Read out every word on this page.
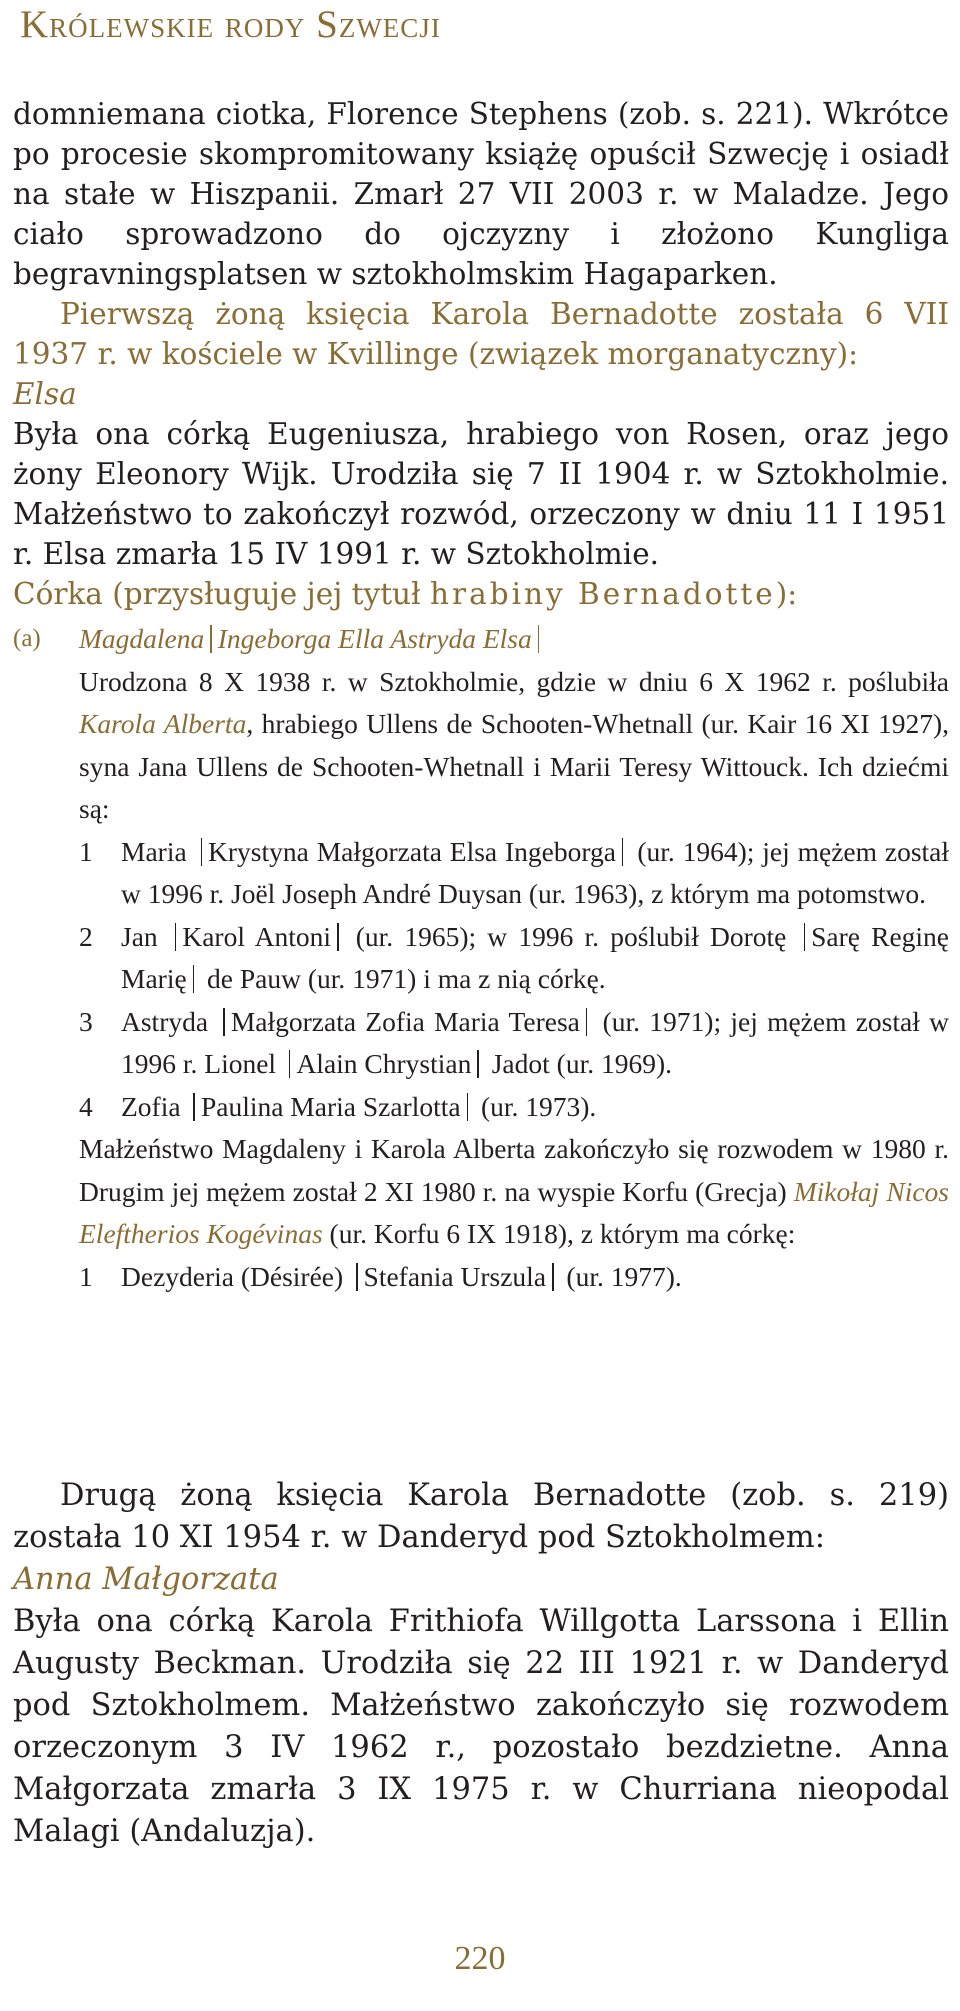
Królewskie rody Szwecji

domniemana ciotka, Florence Stephens (zob. s. 221). Wkrótce po procesie skompromitowany książę opuścił Szwecję i osiadł na stałe w Hiszpanii. Zmarł 27 VII 2003 r. w Maladze. Jego ciało sprowadzono do ojczyzny i złożono Kungliga begravningsplatsen w sztokholmskim Hagaparken.

Pierwszą żoną księcia Karola Bernadotte została 6 VII 1937 r. w kościele w Kvillinge (związek morganatyczny):

Elsa

Była ona córką Eugeniusza, hrabiego von Rosen, oraz jego żony Eleonory Wijk. Urodziła się 7 II 1904 r. w Sztokholmie. Małżeństwo to zakończył rozwód, orzeczony w dniu 11 I 1951 r. Elsa zmarła 15 IV 1991 r. w Sztokholmie.

Córka (przysługuje jej tytuł hrabiny Bernadotte):

(a)	Magdalena Ingeborga Ella Astryda Elsa
Urodzona 8 X 1938 r. w Sztokholmie, gdzie w dniu 6 X 1962 r. poślubiła Karola Alberta, hrabiego Ullens de Schooten-Whetnall (ur. Kair 16 XI 1927), syna Jana Ullens de Schooten-Whetnall i Marii Teresy Wittouck. Ich dziećmi są:
1	Maria Krystyna Małgorzata Elsa Ingeborga (ur. 1964); jej mężem został w 1996 r. Joël Joseph André Duysan (ur. 1963), z którym ma potomstwo.
2	Jan Karol Antoni (ur. 1965); w 1996 r. poślubił Dorotę Sarę Reginę Marię de Pauw (ur. 1971) i ma z nią córkę.
3	Astryda Małgorzata Zofia Maria Teresa (ur. 1971); jej mężem został w 1996 r. Lionel Alain Chrystian Jadot (ur. 1969).
4	Zofia Paulina Maria Szarlotta (ur. 1973).
Małżeństwo Magdaleny i Karola Alberta zakończyło się rozwodem w 1980 r. Drugim jej mężem został 2 XI 1980 r. na wyspie Korfu (Grecja) Mikołaj Nicos Eleftherios Kogévinas (ur. Korfu 6 IX 1918), z którym ma córkę:
1	Dezyderia (Désirée) Stefania Urszula (ur. 1977).

Drugą żoną księcia Karola Bernadotte (zob. s. 219) została 10 XI 1954 r. w Danderyd pod Sztokholmem:

Anna Małgorzata

Była ona córką Karola Frithiofa Willgotta Larssona i Ellin Augusty Beckman. Urodziła się 22 III 1921 r. w Danderyd pod Sztokholmem. Małżeństwo zakończyło się rozwodem orzeczonym 3 IV 1962 r., pozostało bezdzietne. Anna Małgorzata zmarła 3 IX 1975 r. w Churriana nieopodal Malagi (Andaluzja).

220
